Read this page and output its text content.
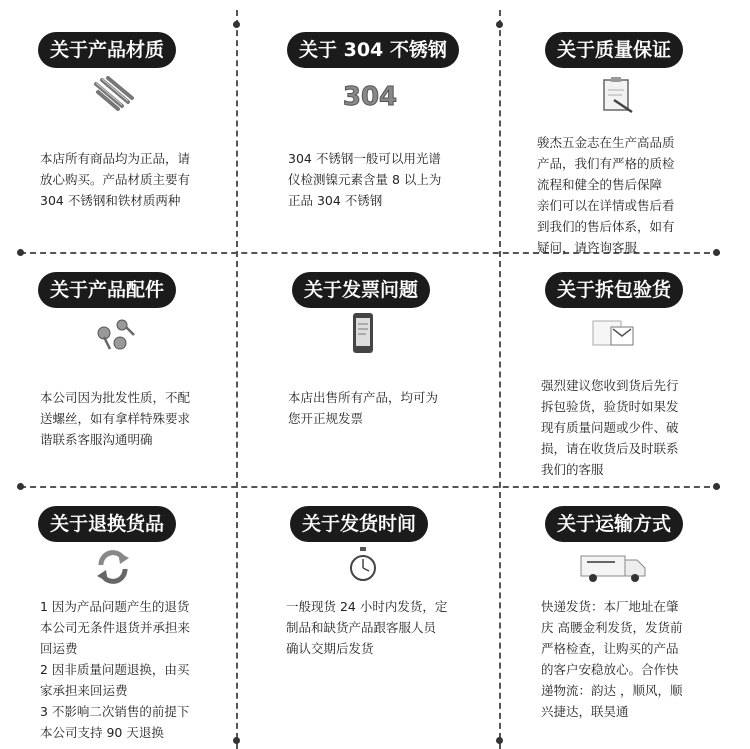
关于产品材质
本店所有商品均为正品，请
放心购买。产品材质主要有
304 不锈钢和铁材质两种
关于 304 不锈钢
304
304 不锈钢一般可以用光谱
仪检测镍元素含量 8 以上为
正品 304 不锈钢
关于质量保证
骏杰五金志在生产高品质
产品，我们有严格的质检
流程和健全的售后保障
亲们可以在详情或售后看
到我们的售后体系，如有
疑问，请咨询客服
关于产品配件
本公司因为批发性质，不配
送螺丝，如有拿样特殊要求
谐联系客服沟通明确
关于发票问题
本店出售所有产品，均可为
您开正规发票
关于拆包验货
强烈建议您收到货后先行
拆包验货，验货时如果发
现有质量问题或少件、破
损，请在收货后及时联系
我们的客服
关于退换货品
1 因为产品问题产生的退货
本公司无条件退货并承担来
回运费
2 因非质量问题退换，由买
家承担来回运费
3 不影响二次销售的前提下
本公司支持 90 天退换
关于发货时间
一般现货 24 小时内发货，定
制品和缺货产品跟客服人员
确认交期后发货
关于运输方式
快递发货：本厂地址在肇
庆 高腰金利发货，发货前
严格检查，让购买的产品
的客户安稳放心。合作快
递物流：韵达 ，顺风，顺
兴捷达，联昊通
